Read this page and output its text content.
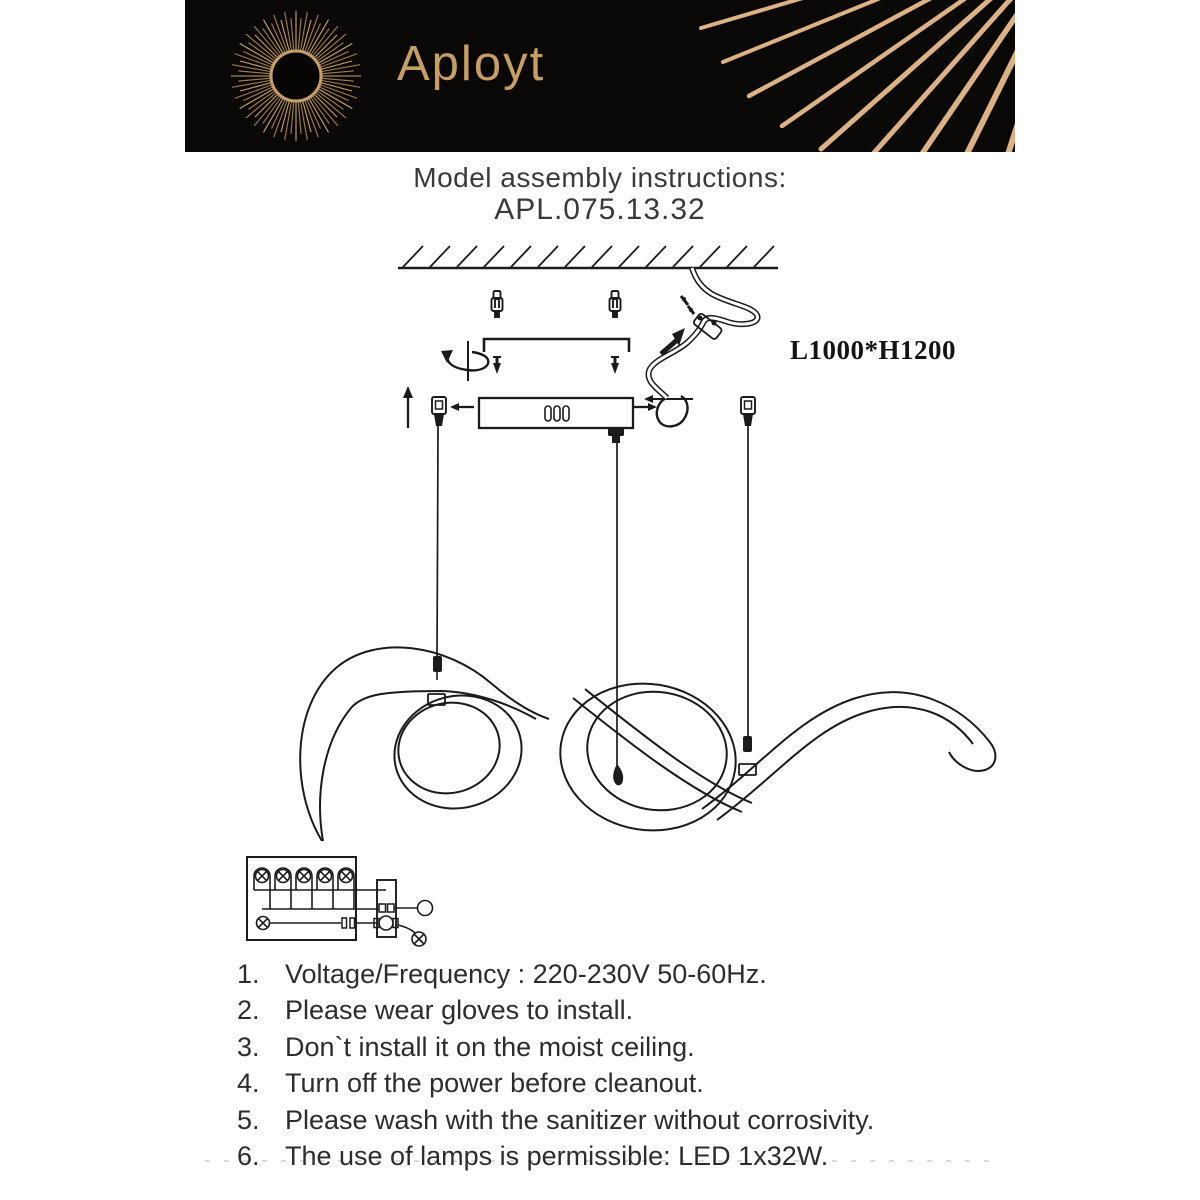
Aployt
Model assembly instructions:
APL.075.13.32
L1000*H1200
1. Voltage/Frequency : 220-230V 50-60Hz.
2. Please wear gloves to install.
3. Don`t install it on the moist ceiling.
4. Turn off the power before cleanout.
5. Please wash with the sanitizer without corrosivity.
6. The use of lamps is permissible: LED 1x32W.
